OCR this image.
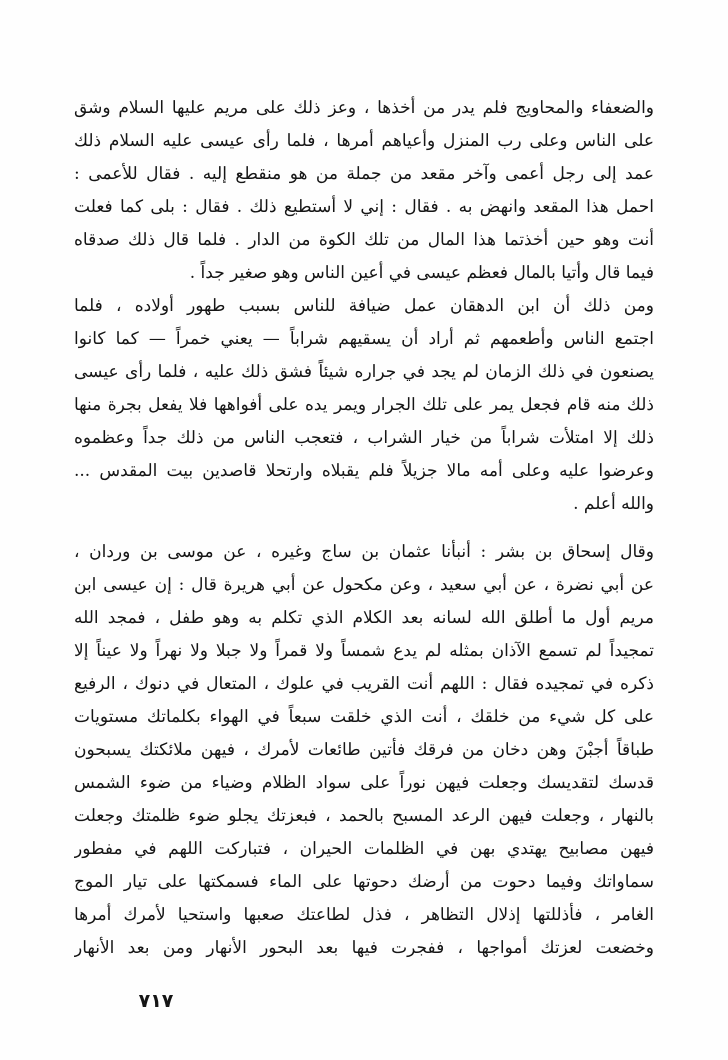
والضعفاء والمحاويج فلم يدر من أخذها ، وعز ذلك على مريم عليها السلام وشق
على الناس وعلى رب المنزل وأعياهم أمرها ، فلما رأى عيسى عليه السلام ذلك
عمد إلى رجل أعمى وآخر مقعد من جملة من هو منقطع إليه . فقال للأعمى :
احمل هذا المقعد وانهض به . فقال : إني لا أستطيع ذلك . فقال : بلى كما فعلت
أنت وهو حين أخذتما هذا المال من تلك الكوة من الدار . فلما قال ذلك صدقاه
فيما قال وأتيا بالمال فعظم عيسى في أعين الناس وهو صغير جداً .
ومن ذلك أن ابن الدهقان عمل ضيافة للناس بسبب طهور أولاده ، فلما
اجتمع الناس وأطعمهم ثم أراد أن يسقيهم شراباً — يعني خمراً — كما كانوا
يصنعون في ذلك الزمان لم يجد في جراره شيئاً فشق ذلك عليه ، فلما رأى عيسى
ذلك منه قام فجعل يمر على تلك الجرار ويمر يده على أفواهها فلا يفعل بجرة منها
ذلك إلا امتلأت شراباً من خيار الشراب ، فتعجب الناس من ذلك جداً وعظموه
وعرضوا عليه وعلى أمه مالا جزيلاً فلم يقبلاه وارتحلا قاصدين بيت المقدس ...
والله أعلم .
وقال إسحاق بن بشر : أنبأنا عثمان بن ساج وغيره ، عن موسى بن وردان ،
عن أبي نضرة ، عن أبي سعيد ، وعن مكحول عن أبي هريرة قال : إن عيسى ابن
مريم أول ما أطلق الله لسانه بعد الكلام الذي تكلم به وهو طفل ، فمجد الله
تمجيداً لم تسمع الآذان بمثله لم يدع شمساً ولا قمراً ولا جبلا ولا نهراً ولا عيناً إلا
ذكره في تمجيده فقال : اللهم أنت القريب في علوك ، المتعال في دنوك ، الرفيع
على كل شيء من خلقك ، أنت الذي خلقت سبعاً في الهواء بكلماتك مستويات
طباقاً أجبْنَ وهن دخان من فرقك فأتين طائعات لأمرك ، فيهن ملائكتك يسبحون
قدسك لتقديسك وجعلت فيهن نوراً على سواد الظلام وضياء من ضوء الشمس
بالنهار ، وجعلت فيهن الرعد المسبح بالحمد ، فبعزتك يجلو ضوء ظلمتك وجعلت
فيهن مصابيح يهتدي بهن في الظلمات الحيران ، فتباركت اللهم في مفطور
سماواتك وفيما دحوت من أرضك دحوتها على الماء فسمكتها على تيار الموج
الغامر ، فأذللتها إذلال التظاهر ، فذل لطاعتك صعبها واستحيا لأمرك أمرها
وخضعت لعزتك أمواجها ، ففجرت فيها بعد البحور الأنهار ومن بعد الأنهار
٧١٧
